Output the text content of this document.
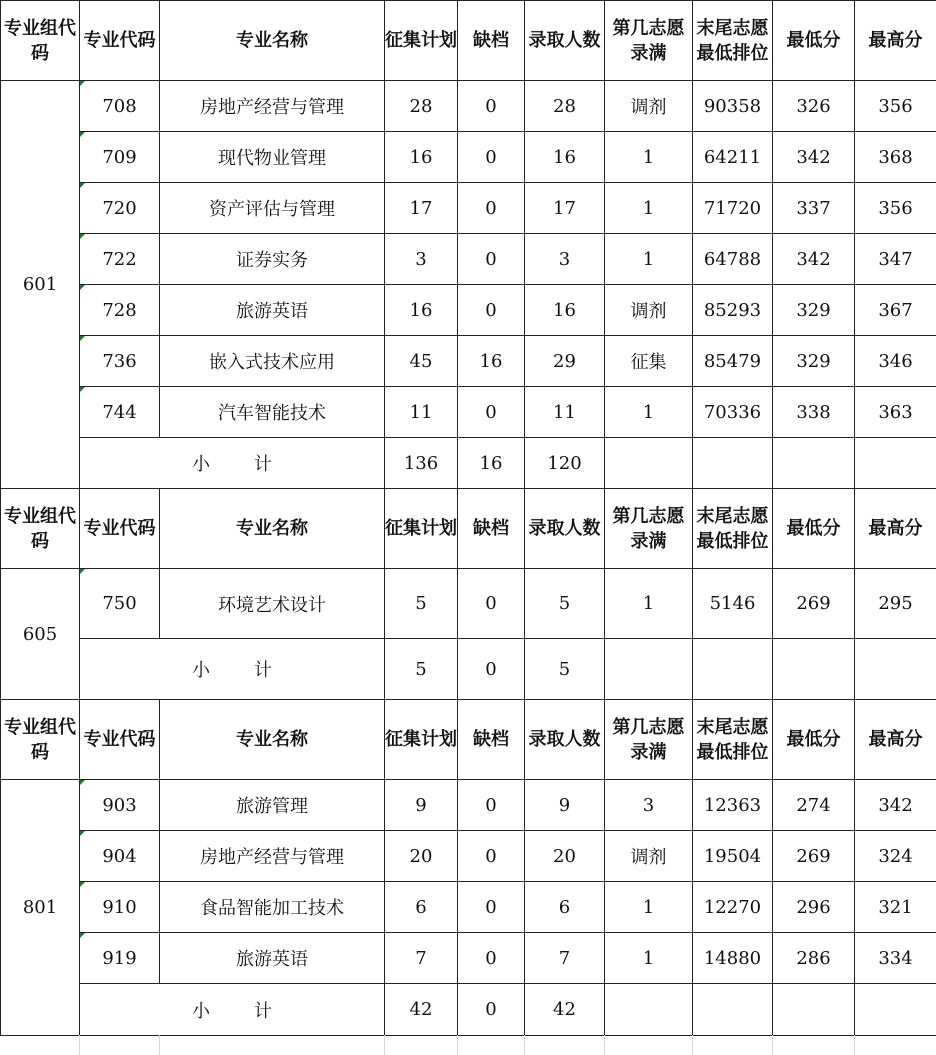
专业组代码	专业代码	专业名称	征集计划	缺档	录取人数	第几志愿录满	末尾志愿最低排位	最低分	最高分
601	708	房地产经营与管理	28	0	28	调剂	90358	326	356
	709	现代物业管理	16	0	16	1	64211	342	368
	720	资产评估与管理	17	0	17	1	71720	337	356
	722	证券实务	3	0	3	1	64788	342	347
	728	旅游英语	16	0	16	调剂	85293	329	367
	736	嵌入式技术应用	45	16	29	征集	85479	329	346
	744	汽车智能技术	11	0	11	1	70336	338	363
	小 计		136	16	120				
专业组代码	专业代码	专业名称	征集计划	缺档	录取人数	第几志愿录满	末尾志愿最低排位	最低分	最高分
605	750	环境艺术设计	5	0	5	1	5146	269	295
	小 计		5	0	5				
专业组代码	专业代码	专业名称	征集计划	缺档	录取人数	第几志愿录满	末尾志愿最低排位	最低分	最高分
801	903	旅游管理	9	0	9	3	12363	274	342
	904	房地产经营与管理	20	0	20	调剂	19504	269	324
	910	食品智能加工技术	6	0	6	1	12270	296	321
	919	旅游英语	7	0	7	1	14880	286	334
	小 计		42	0	42				
